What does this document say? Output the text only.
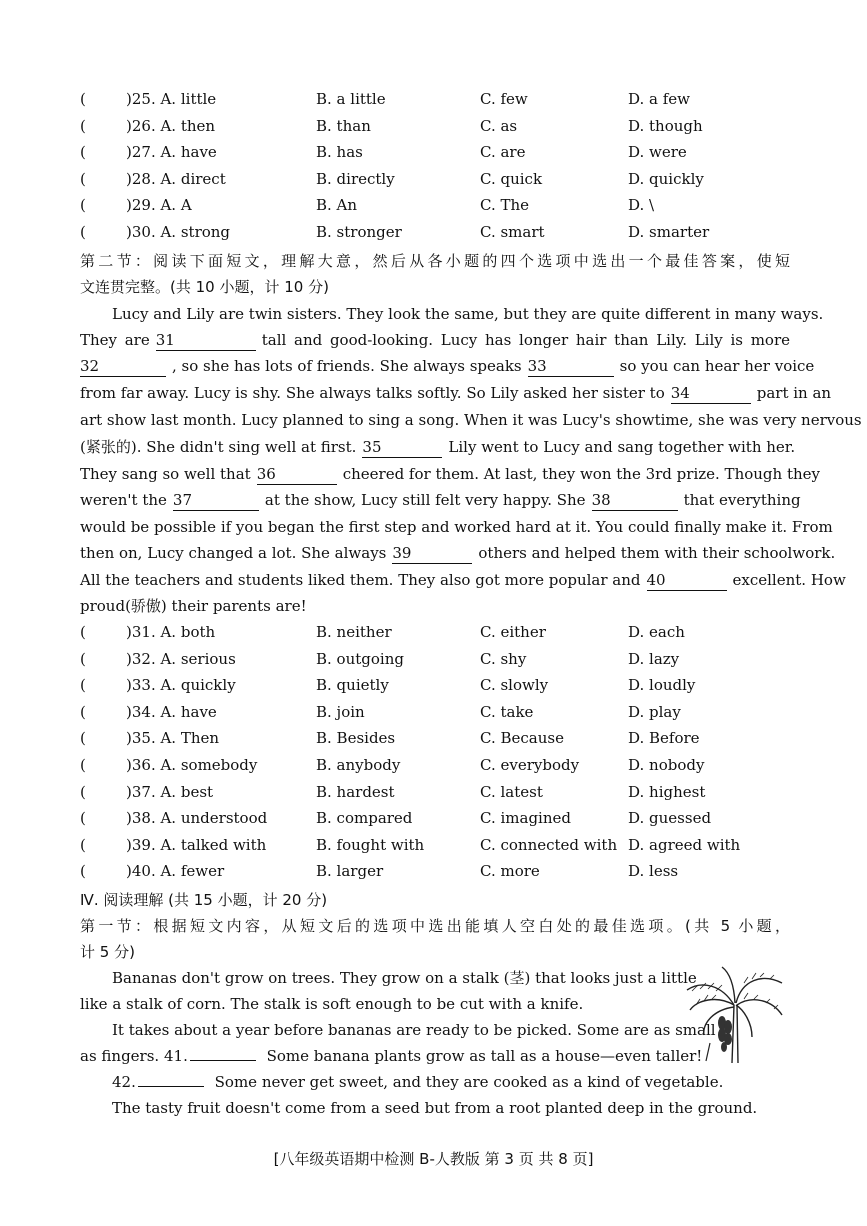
(	)25. A. little	B. a little	C. few	D. a few
(	)26. A. then	B. than	C. as	D. though
(	)27. A. have	B. has	C. are	D. were
(	)28. A. direct	B. directly	C. quick	D. quickly
(	)29. A. A	B. An	C. The	D. \
(	)30. A. strong	B. stronger	C. smart	D. smarter
第二节：阅读下面短文，理解大意，然后从各小题的四个选项中选出一个最佳答案，使短
文连贯完整。(共 10 小题，计 10 分)
Lucy and Lily are twin sisters. They look the same, but they are quite different in many ways.
They are 31	tall and good-looking. Lucy has longer hair than Lily. Lily is more
32	, so she has lots of friends. She always speaks 33	so you can hear her voice
from far away. Lucy is shy. She always talks softly. So Lily asked her sister to 34	part in an
art show last month. Lucy planned to sing a song. When it was Lucy's showtime, she was very nervous
(紧张的). She didn't sing well at first. 35	Lily went to Lucy and sang together with her.
They sang so well that 36	cheered for them. At last, they won the 3rd prize. Though they
weren't the 37	at the show, Lucy still felt very happy. She 38	that everything
would be possible if you began the first step and worked hard at it. You could finally make it. From
then on, Lucy changed a lot. She always 39	others and helped them with their schoolwork.
All the teachers and students liked them. They also got more popular and 40	excellent. How
proud(骄傲) their parents are!
(	)31. A. both	B. neither	C. either	D. each
(	)32. A. serious	B. outgoing	C. shy	D. lazy
(	)33. A. quickly	B. quietly	C. slowly	D. loudly
(	)34. A. have	B. join	C. take	D. play
(	)35. A. Then	B. Besides	C. Because	D. Before
(	)36. A. somebody	B. anybody	C. everybody	D. nobody
(	)37. A. best	B. hardest	C. latest	D. highest
(	)38. A. understood	B. compared	C. imagined	D. guessed
(	)39. A. talked with	B. fought with	C. connected with D. agreed with
(	)40. A. fewer	B. larger	C. more	D. less
Ⅳ. 阅读理解 (共 15 小题，计 20 分)
第一节：根据短文内容，从短文后的选项中选出能填人空白处的最佳选项。(共 5 小题，
计 5 分)
Bananas don't grow on trees. They grow on a stalk (茎) that looks just a little
like a stalk of corn. The stalk is soft enough to be cut with a knife.
It takes about a year before bananas are ready to be picked. Some are as small
as fingers. 41.	Some banana plants grow as tall as a house—even taller!
42.	Some never get sweet, and they are cooked as a kind of vegetable.
The tasty fruit doesn't come from a seed but from a root planted deep in the ground.
[八年级英语期中检测 B-人教版 第 3 页 共 8 页]
